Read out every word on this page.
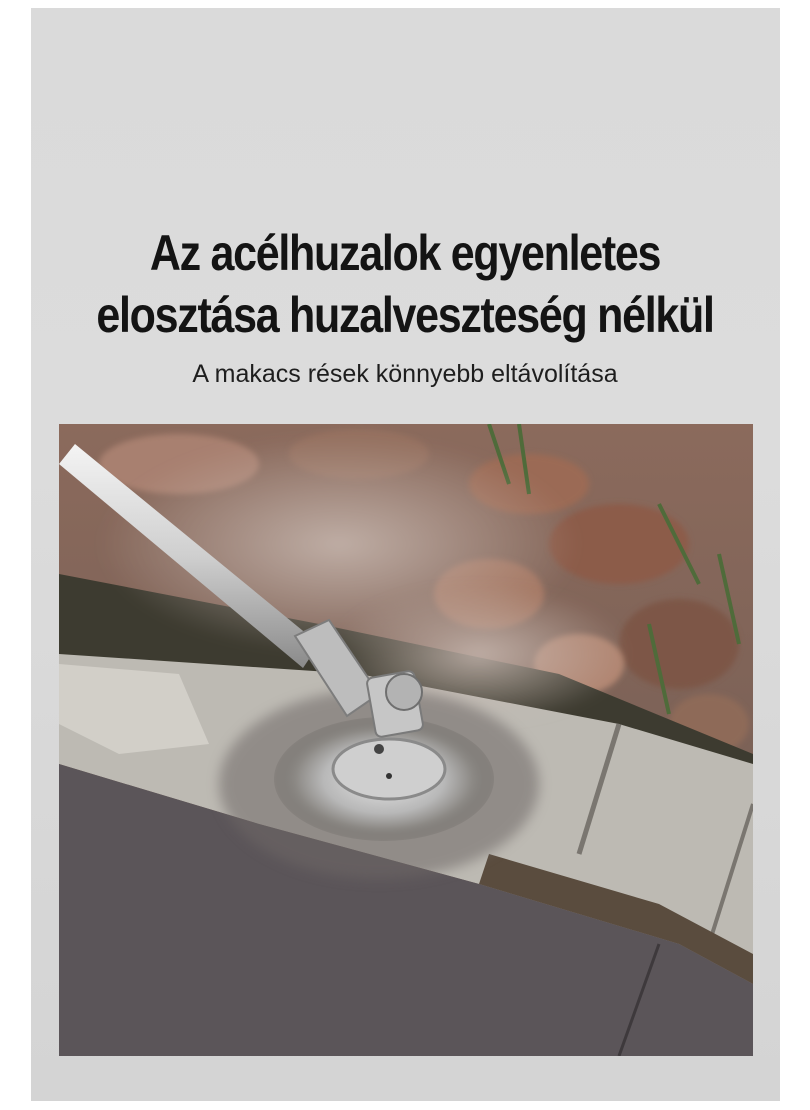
Az acélhuzalok egyenletes
elosztása huzalveszteség nélkül

A makacs rések könnyebb eltávolítása
